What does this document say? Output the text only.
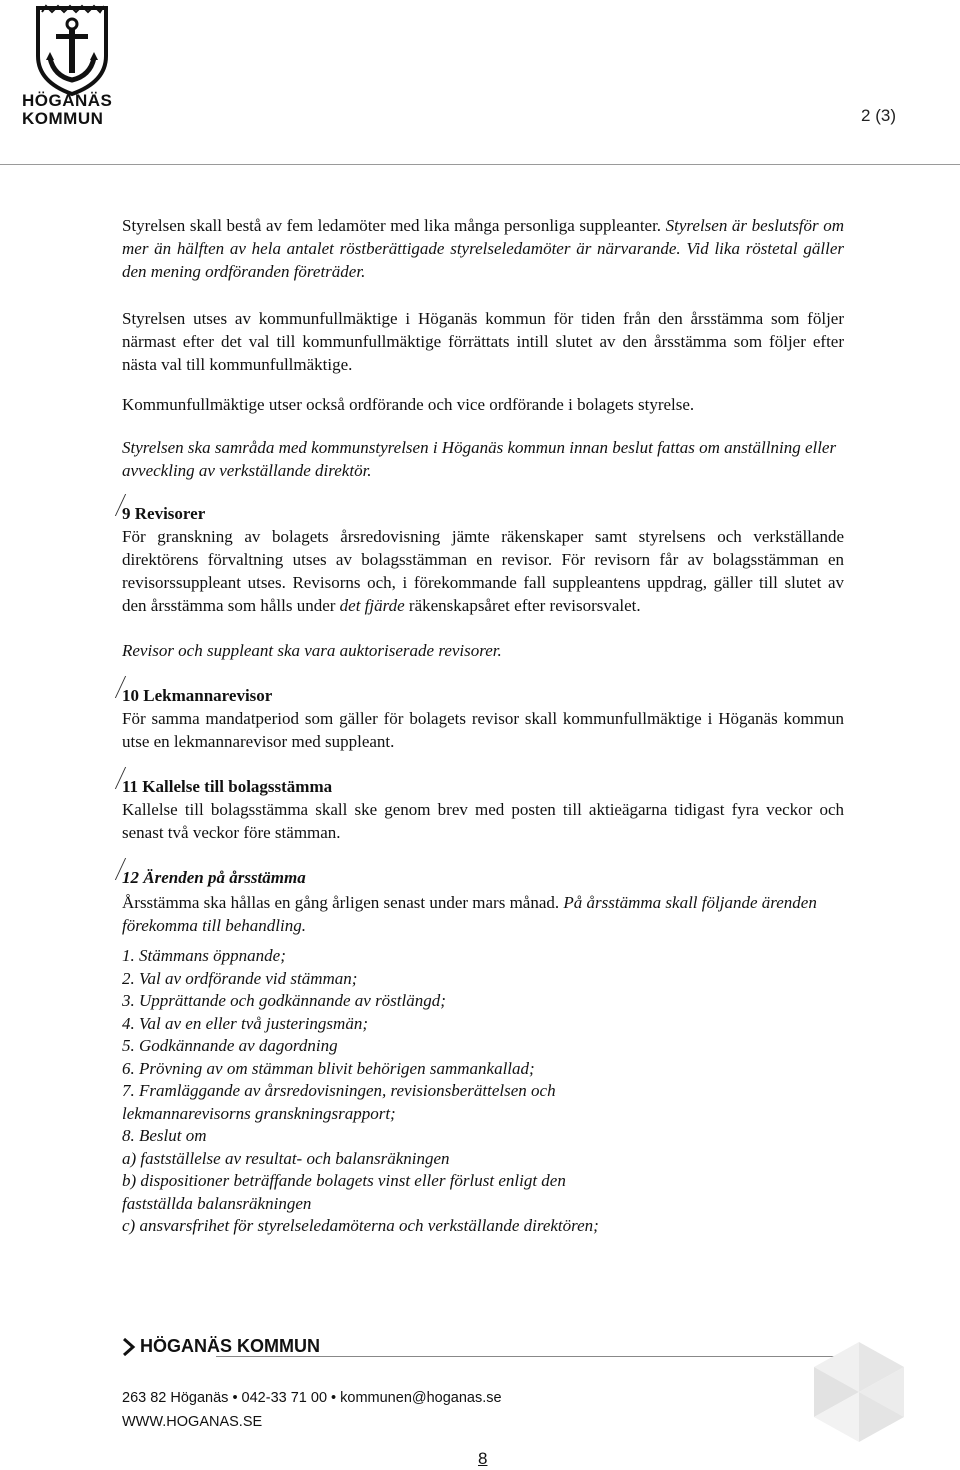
HÖGANÄS
KOMMUN	2 (3)

Styrelsen skall bestå av fem ledamöter med lika många personliga suppleanter. Styrelsen är beslutsför om mer än hälften av hela antalet röstberättigade styrelseledamöter är närvarande. Vid lika röstetal gäller den mening ordföranden företräder.

Styrelsen utses av kommunfullmäktige i Höganäs kommun för tiden från den årsstämma som följer närmast efter det val till kommunfullmäktige förrättats intill slutet av den årsstämma som följer efter nästa val till kommunfullmäktige.

Kommunfullmäktige utser också ordförande och vice ordförande i bolagets styrelse.

Styrelsen ska samråda med kommunstyrelsen i Höganäs kommun innan beslut fattas om anställning eller avveckling av verkställande direktör.

9 Revisorer

För granskning av bolagets årsredovisning jämte räkenskaper samt styrelsens och verkställande direktörens förvaltning utses av bolagsstämman en revisor. För revisorn får av bolagsstämman en revisorssuppleant utses. Revisorns och, i förekommande fall suppleantens uppdrag, gäller till slutet av den årsstämma som hålls under det fjärde räkenskapsåret efter revisorsvalet.

Revisor och suppleant ska vara auktoriserade revisorer.

10 Lekmannarevisor

För samma mandatperiod som gäller för bolagets revisor skall kommunfullmäktige i Höganäs kommun utse en lekmannarevisor med suppleant.

11 Kallelse till bolagsstämma

Kallelse till bolagsstämma skall ske genom brev med posten till aktieägarna tidigast fyra veckor och senast två veckor före stämman.

12 Ärenden på årsstämma

Årsstämma ska hållas en gång årligen senast under mars månad. På årsstämma skall följande ärenden förekomma till behandling.

1. Stämmans öppnande;

2. Val av ordförande vid stämman;

3. Upprättande och godkännande av röstlängd;

4. Val av en eller två justeringsmän;

5. Godkännande av dagordning

6. Prövning av om stämman blivit behörigen sammankallad;

7. Framläggande av årsredovisningen, revisionsberättelsen och

lekmannarevisorns granskningsrapport;

8. Beslut om

a) fastställelse av resultat- och balansräkningen

b) dispositioner beträffande bolagets vinst eller förlust enligt den

fastställda balansräkningen

c) ansvarsfrihet för styrelseledamöterna och verkställande direktören;

HÖGANÄS KOMMUN
263 82 Höganäs • 042-33 71 00 • kommunen@hoganas.se
WWW.HOGANAS.SE
8
